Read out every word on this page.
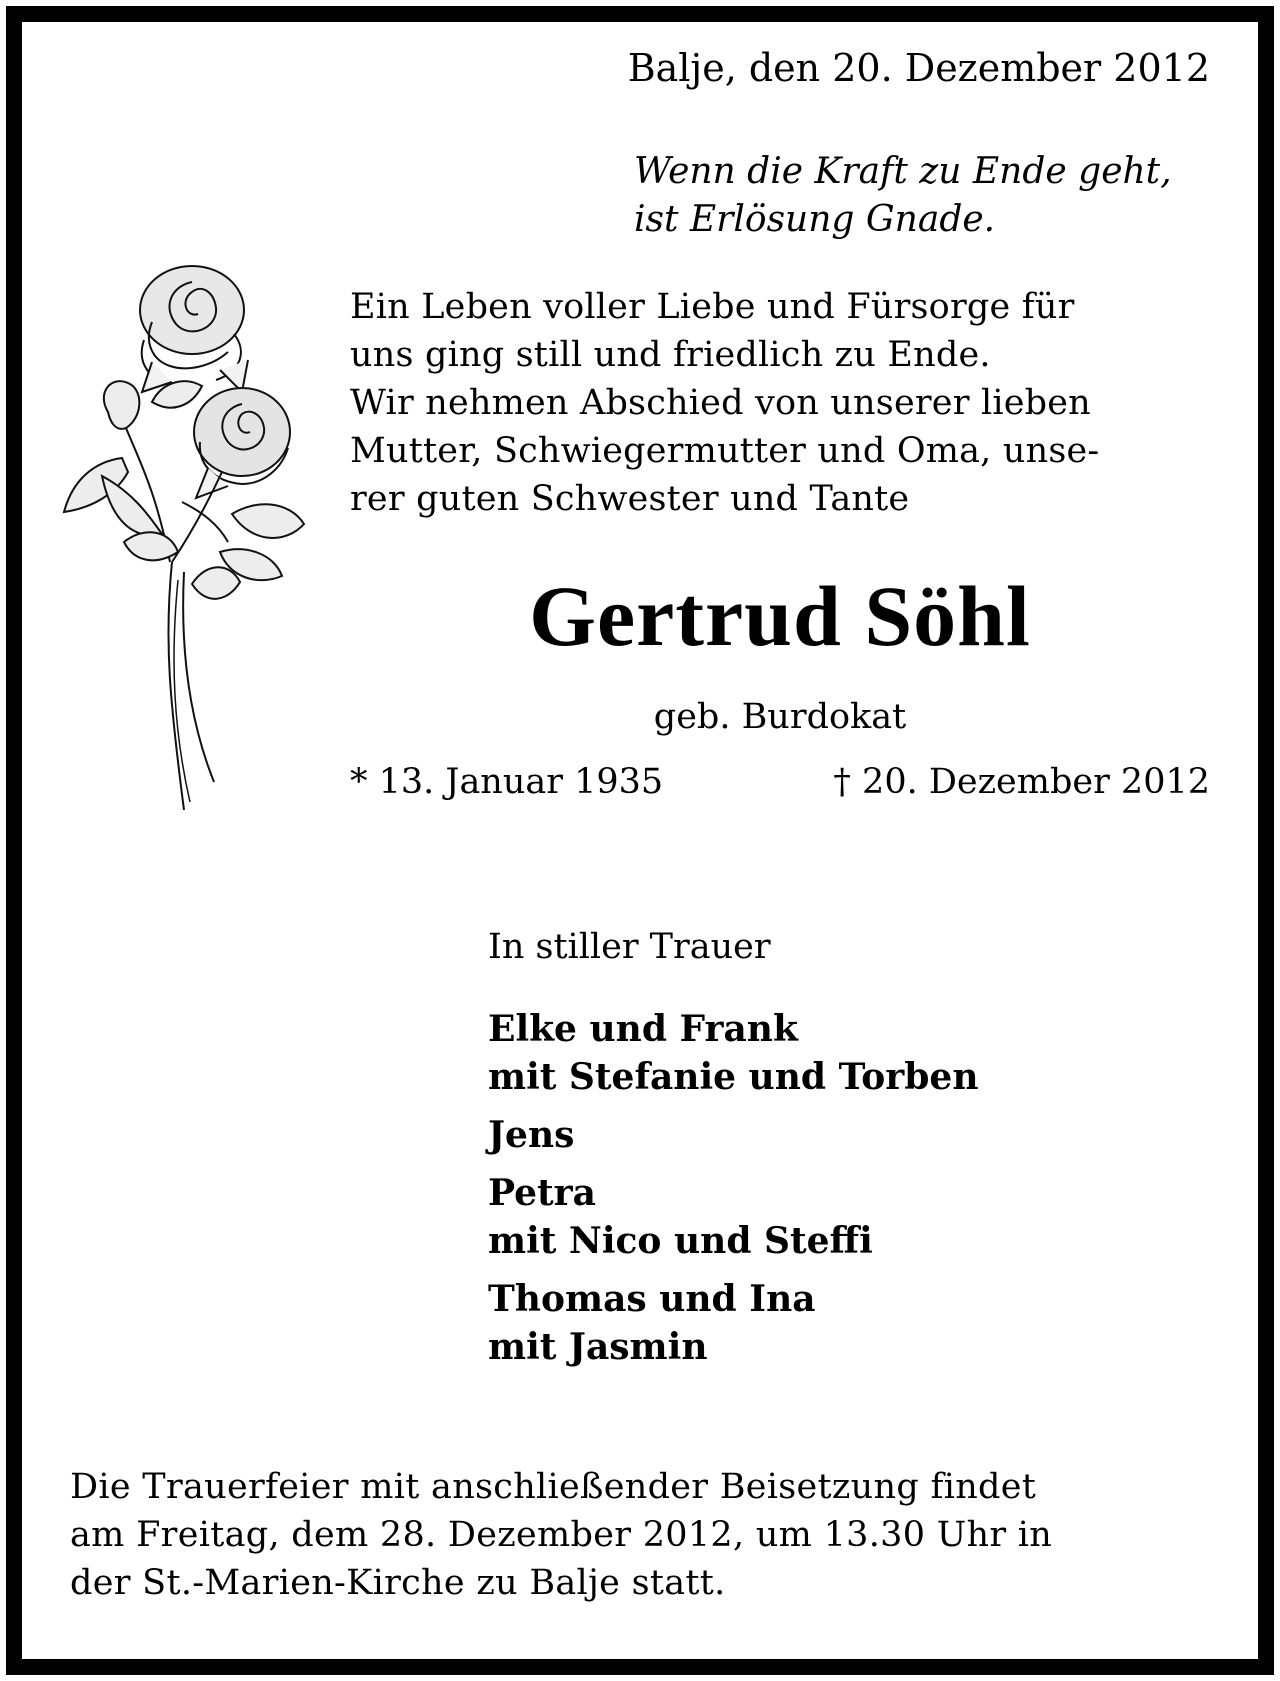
Balje, den 20. Dezember 2012
Wenn die Kraft zu Ende geht,
ist Erlösung Gnade.
Ein Leben voller Liebe und Fürsorge für
uns ging still und friedlich zu Ende.
Wir nehmen Abschied von unserer lieben
Mutter, Schwiegermutter und Oma, unse-
rer guten Schwester und Tante
Gertrud Söhl
geb. Burdokat
* 13. Januar 1935	† 20. Dezember 2012
In stiller Trauer
Elke und Frank
mit Stefanie und Torben
Jens
Petra
mit Nico und Steffi
Thomas und Ina
mit Jasmin
Die Trauerfeier mit anschließender Beisetzung findet
am Freitag, dem 28. Dezember 2012, um 13.30 Uhr in
der St.-Marien-Kirche zu Balje statt.
